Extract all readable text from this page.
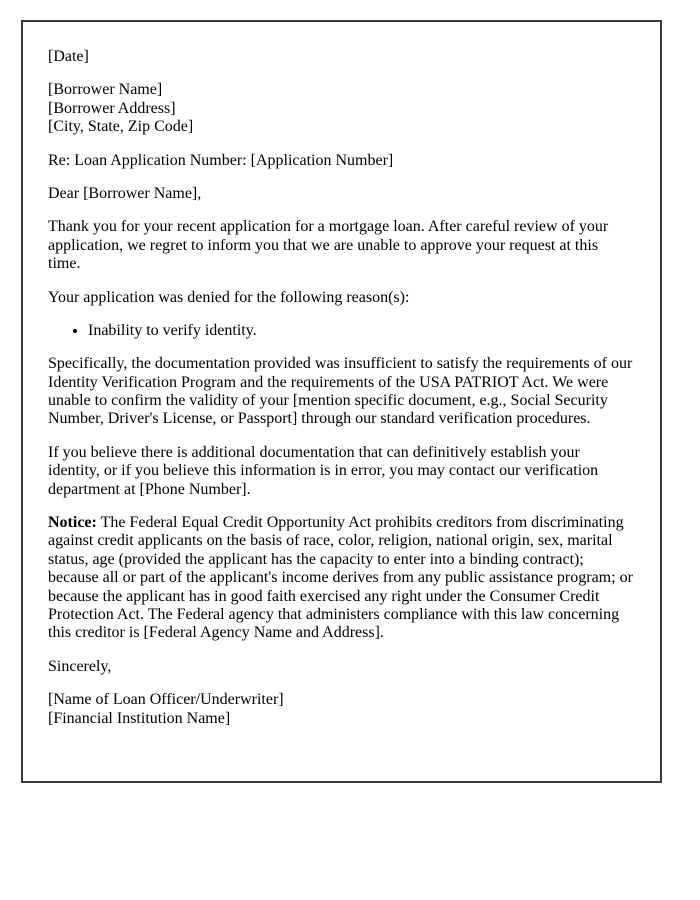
[Date]

[Borrower Name]
[Borrower Address]
[City, State, Zip Code]

Re: Loan Application Number: [Application Number]

Dear [Borrower Name],

Thank you for your recent application for a mortgage loan. After careful review of your application, we regret to inform you that we are unable to approve your request at this time.

Your application was denied for the following reason(s):

• Inability to verify identity.

Specifically, the documentation provided was insufficient to satisfy the requirements of our Identity Verification Program and the requirements of the USA PATRIOT Act. We were unable to confirm the validity of your [mention specific document, e.g., Social Security Number, Driver's License, or Passport] through our standard verification procedures.

If you believe there is additional documentation that can definitively establish your identity, or if you believe this information is in error, you may contact our verification department at [Phone Number].

Notice: The Federal Equal Credit Opportunity Act prohibits creditors from discriminating against credit applicants on the basis of race, color, religion, national origin, sex, marital status, age (provided the applicant has the capacity to enter into a binding contract); because all or part of the applicant's income derives from any public assistance program; or because the applicant has in good faith exercised any right under the Consumer Credit Protection Act. The Federal agency that administers compliance with this law concerning this creditor is [Federal Agency Name and Address].

Sincerely,

[Name of Loan Officer/Underwriter]
[Financial Institution Name]
